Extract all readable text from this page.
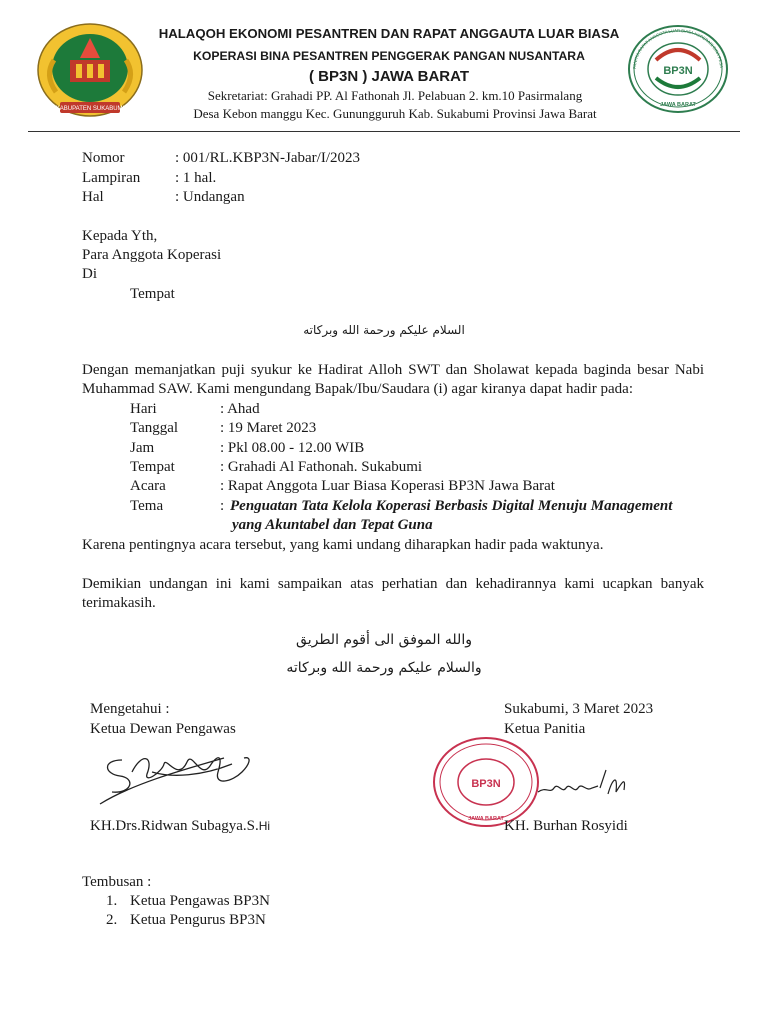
KABUPATEN SUKABUMI
HALAQOH EKONOMI PESANTREN DAN RAPAT ANGGAUTA LUAR BIASA
KOPERASI BINA PESANTREN PENGGERAK PANGAN NUSANTARA
( BP3N ) JAWA BARAT
Sekretariat: Grahadi PP. Al Fathonah Jl. Pelabuan 2. km.10 Pasirmalang
Desa Kebon manggu Kec. Gunungguruh Kab. Sukabumi Provinsi Jawa Barat
BP3N
JAWA BARAT
PANITIA RAPAT ANGGOTA LUAR BIASA KOPERASI BINA PESA
Nomor	: 001/RL.KBP3N-Jabar/I/2023
Lampiran : 1 hal.
Hal	: Undangan
Kepada Yth,
Para Anggota Koperasi
Di
Tempat
السلام عليكم ورحمة الله وبركاته
Dengan memanjatkan puji syukur ke Hadirat Alloh SWT dan Sholawat kepada baginda besar Nabi Muhammad SAW. Kami mengundang Bapak/Ibu/Saudara (i) agar kiranya dapat hadir pada:
Hari	: Ahad
Tanggal	: 19 Maret 2023
Jam	: Pkl 08.00 - 12.00 WIB
Tempat	: Grahadi Al Fathonah. Sukabumi
Acara	: Rapat Anggota Luar Biasa Koperasi BP3N Jawa Barat
Tema	: Penguatan Tata Kelola Koperasi Berbasis Digital Menuju Management
yang Akuntabel dan Tepat Guna
Karena pentingnya acara tersebut, yang kami undang diharapkan hadir pada waktunya.
Demikian undangan ini kami sampaikan atas perhatian dan kehadirannya kami ucapkan banyak terimakasih.
والله الموفق الى أقوم الطريق
والسلام عليكم ورحمة الله وبركاته
Mengetahui :
Ketua Dewan Pengawas
KH.Drs.Ridwan Subagya.S.Hi
Sukabumi, 3 Maret 2023
Ketua Panitia
BP3N
JAWA BARAT KH. Burhan Rosyidi
Tembusan :
1. Ketua Pengawas BP3N
2. Ketua Pengurus BP3N
